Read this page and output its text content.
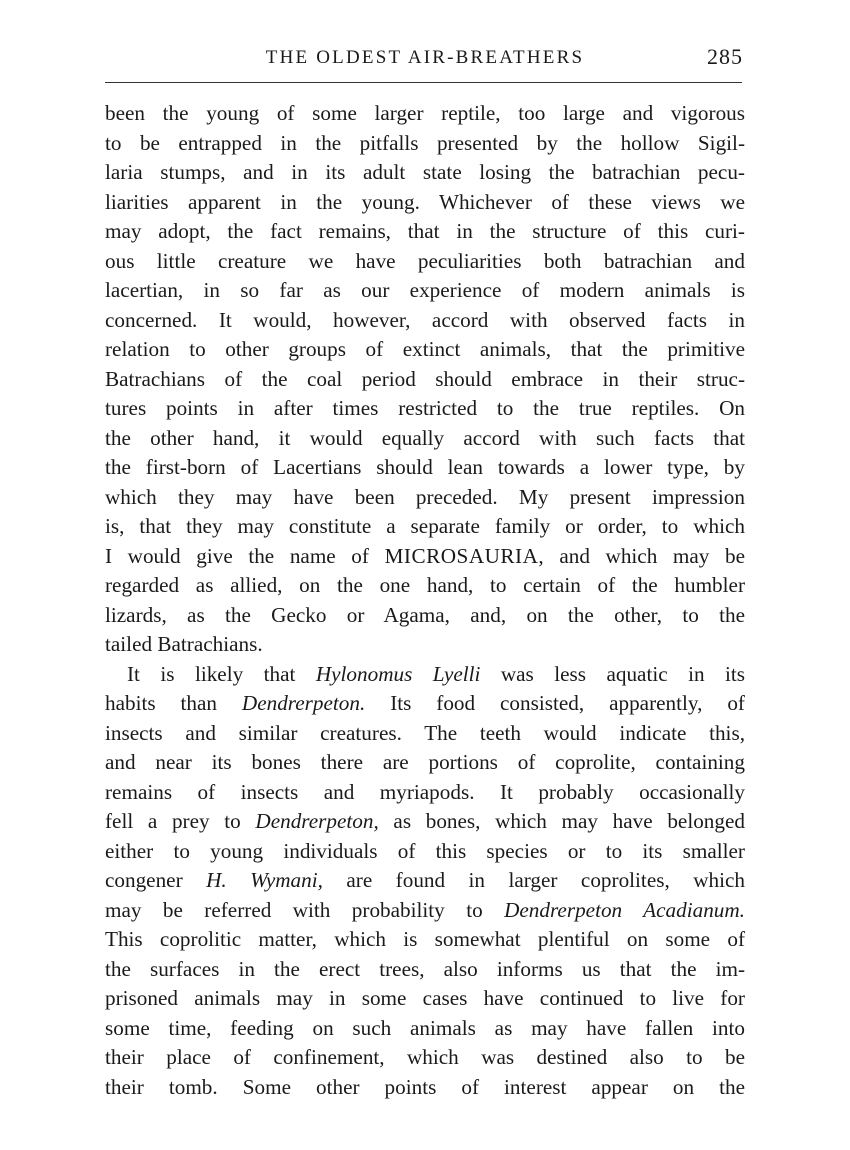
THE OLDEST AIR-BREATHERS	285

been the young of some larger reptile, too large and vigorous
to be entrapped in the pitfalls presented by the hollow Sigil-
laria stumps, and in its adult state losing the batrachian pecu-
liarities apparent in the young. Whichever of these views we
may adopt, the fact remains, that in the structure of this curi-
ous little creature we have peculiarities both batrachian and
lacertian, in so far as our experience of modern animals is
concerned. It would, however, accord with observed facts in
relation to other groups of extinct animals, that the primitive
Batrachians of the coal period should embrace in their struc-
tures points in after times restricted to the true reptiles. On
the other hand, it would equally accord with such facts that
the first-born of Lacertians should lean towards a lower type, by
which they may have been preceded. My present impression
is, that they may constitute a separate family or order, to which
I would give the name of MICROSAURIA, and which may be
regarded as allied, on the one hand, to certain of the humbler
lizards, as the Gecko or Agama, and, on the other, to the
tailed Batrachians.

It is likely that Hylonomus Lyelli was less aquatic in its
habits than Dendrerpeton. Its food consisted, apparently, of
insects and similar creatures. The teeth would indicate this,
and near its bones there are portions of coprolite, containing
remains of insects and myriapods. It probably occasionally
fell a prey to Dendrerpeton, as bones, which may have belonged
either to young individuals of this species or to its smaller
congener H. Wymani, are found in larger coprolites, which
may be referred with probability to Dendrerpeton Acadianum.
This coprolitic matter, which is somewhat plentiful on some of
the surfaces in the erect trees, also informs us that the im-
prisoned animals may in some cases have continued to live for
some time, feeding on such animals as may have fallen into
their place of confinement, which was destined also to be
their tomb. Some other points of interest appear on the
